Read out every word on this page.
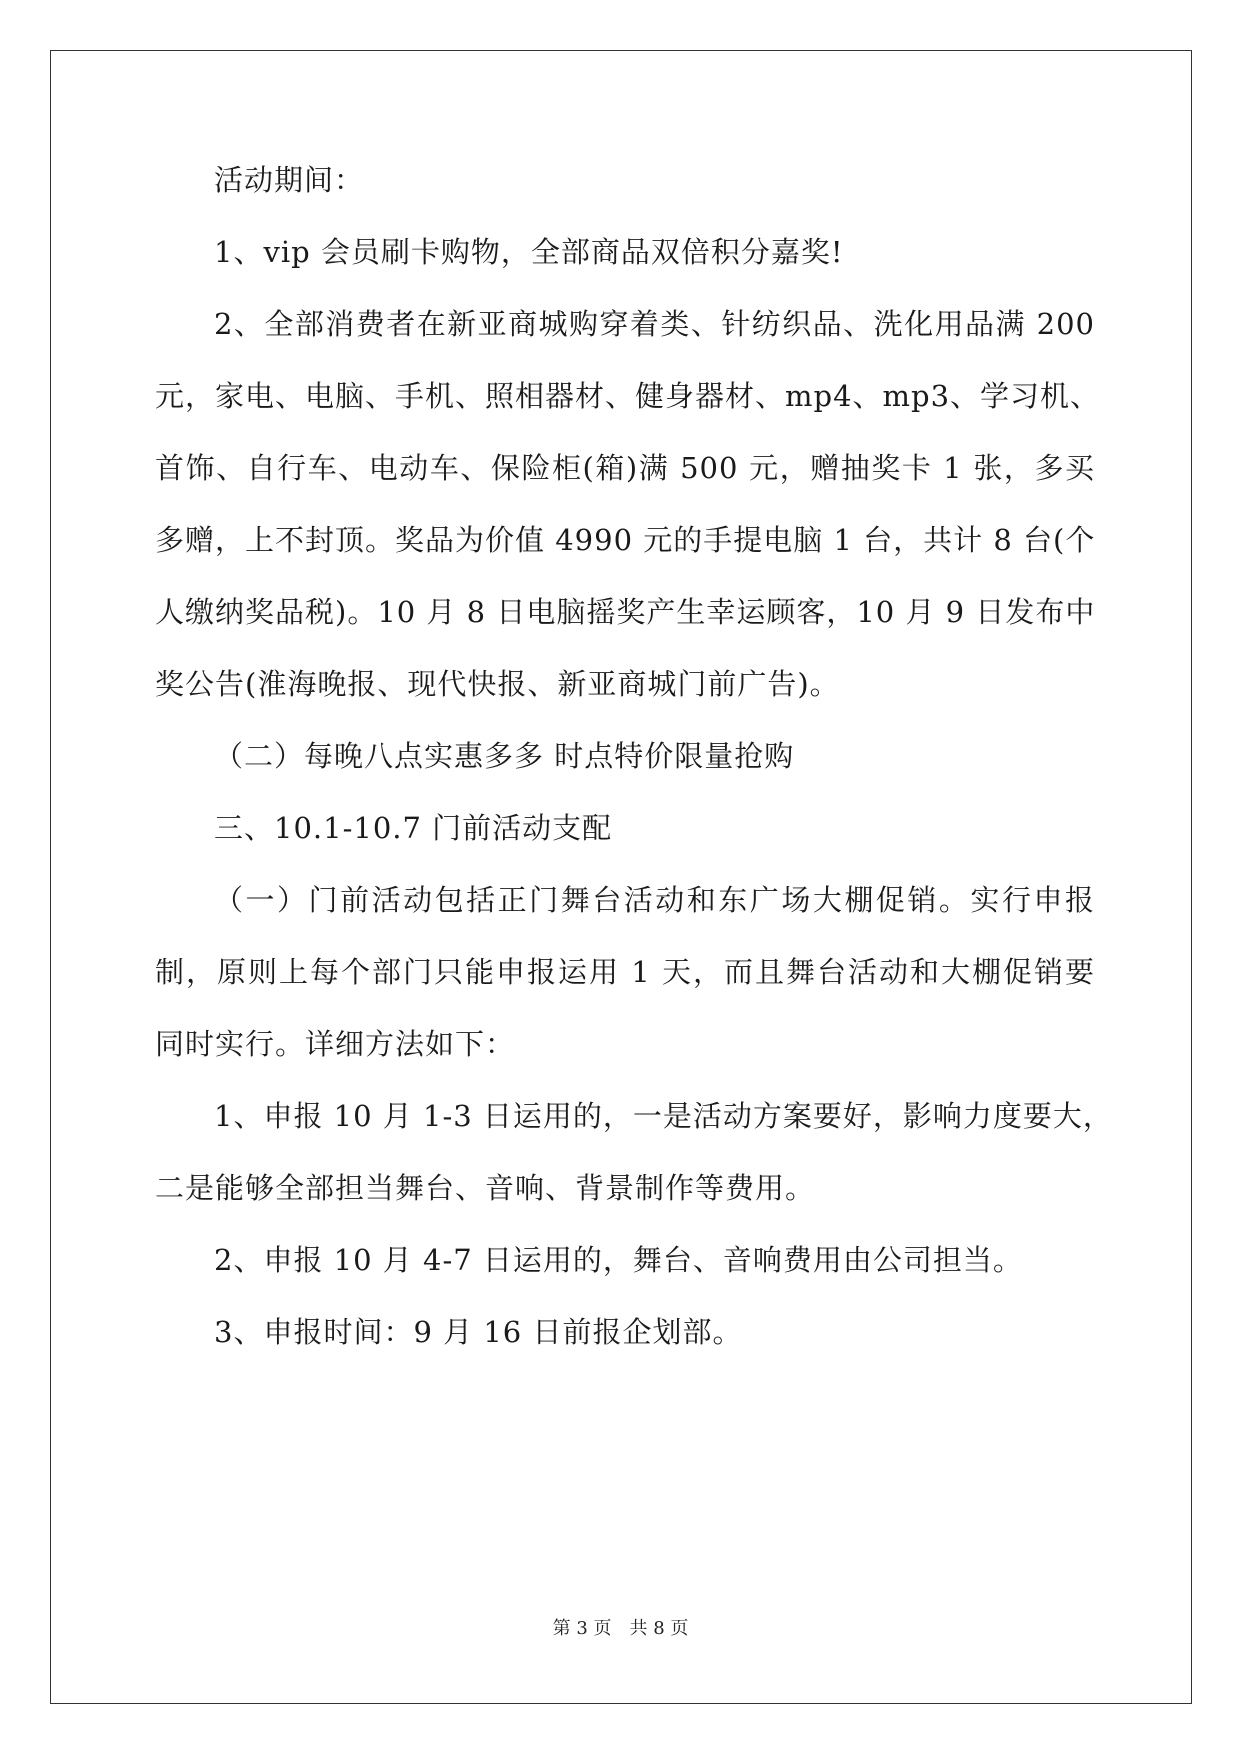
活动期间：
1、vip 会员刷卡购物，全部商品双倍积分嘉奖!
2、全部消费者在新亚商城购穿着类、针纺织品、洗化用品满 200
元，家电、电脑、手机、照相器材、健身器材、mp4、mp3、学习机、
首饰、自行车、电动车、保险柜(箱)满 500 元，赠抽奖卡 1 张，多买
多赠，上不封顶。奖品为价值 4990 元的手提电脑 1 台，共计 8 台(个
人缴纳奖品税)。10 月 8 日电脑摇奖产生幸运顾客，10 月 9 日发布中
奖公告(淮海晚报、现代快报、新亚商城门前广告)。
（二）每晚八点实惠多多 时点特价限量抢购
三、10.1-10.7 门前活动支配
（一）门前活动包括正门舞台活动和东广场大棚促销。实行申报
制，原则上每个部门只能申报运用 1 天，而且舞台活动和大棚促销要
同时实行。详细方法如下：
1、申报 10 月 1-3 日运用的，一是活动方案要好，影响力度要大，
二是能够全部担当舞台、音响、背景制作等费用。
2、申报 10 月 4-7 日运用的，舞台、音响费用由公司担当。
3、申报时间：9 月 16 日前报企划部。
第 3 页　共 8 页
